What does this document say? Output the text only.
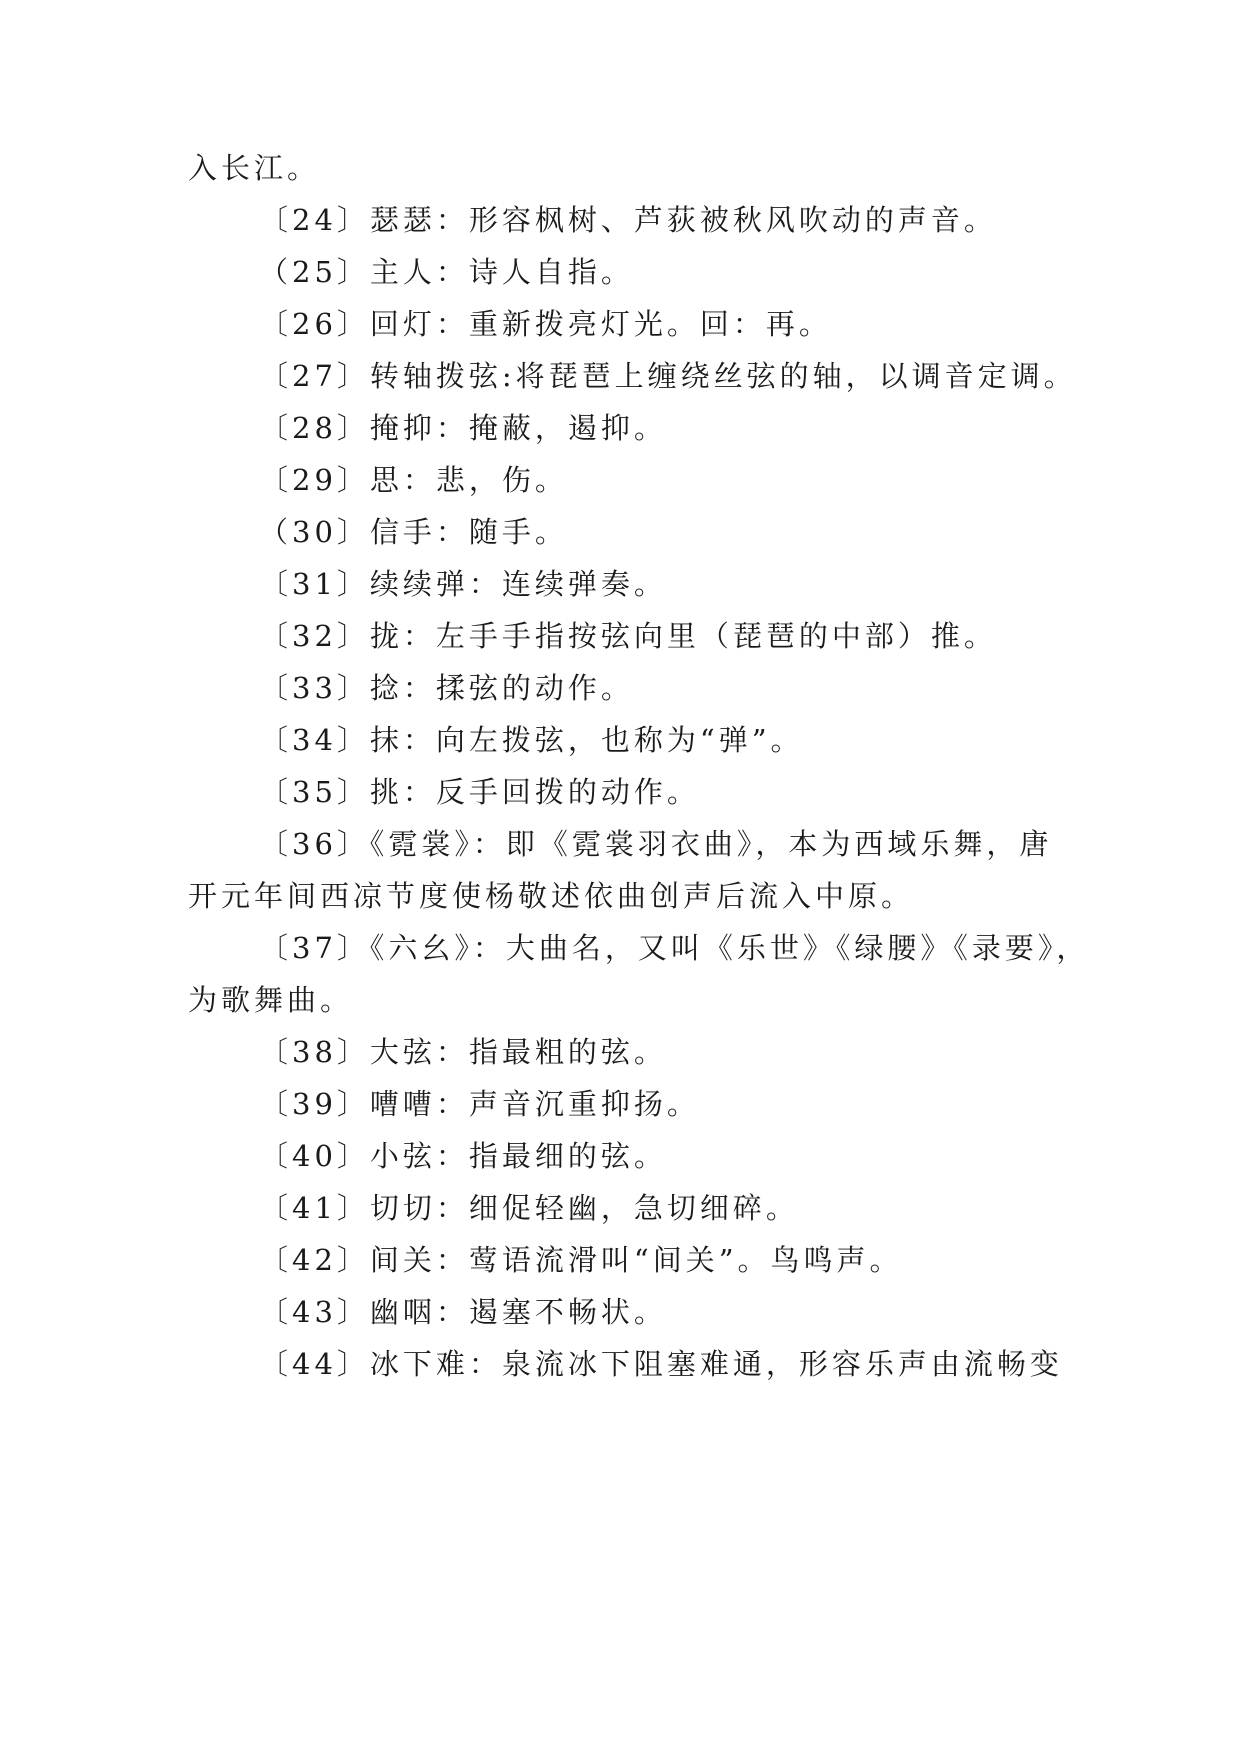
入长江。
〔24〕瑟瑟：形容枫树、芦荻被秋风吹动的声音。
（25〕主人：诗人自指。
〔26〕回灯：重新拨亮灯光。回：再。
〔27〕转轴拨弦:将琵琶上缠绕丝弦的轴，以调音定调。
〔28〕掩抑：掩蔽，遏抑。
〔29〕思：悲，伤。
（30〕信手：随手。
〔31〕续续弹：连续弹奏。
〔32〕拢：左手手指按弦向里（琵琶的中部）推。
〔33〕捻：揉弦的动作。
〔34〕抹：向左拨弦，也称为“弹”。
〔35〕挑：反手回拨的动作。
〔36〕《霓裳》：即《霓裳羽衣曲》，本为西域乐舞，唐
开元年间西凉节度使杨敬述依曲创声后流入中原。
〔37〕《六幺》：大曲名，又叫《乐世》《绿腰》《录要》，
为歌舞曲。
〔38〕大弦：指最粗的弦。
〔39〕嘈嘈：声音沉重抑扬。
〔40〕小弦：指最细的弦。
〔41〕切切：细促轻幽，急切细碎。
〔42〕间关：莺语流滑叫“间关”。鸟鸣声。
〔43〕幽咽：遏塞不畅状。
〔44〕冰下难：泉流冰下阻塞难通，形容乐声由流畅变
